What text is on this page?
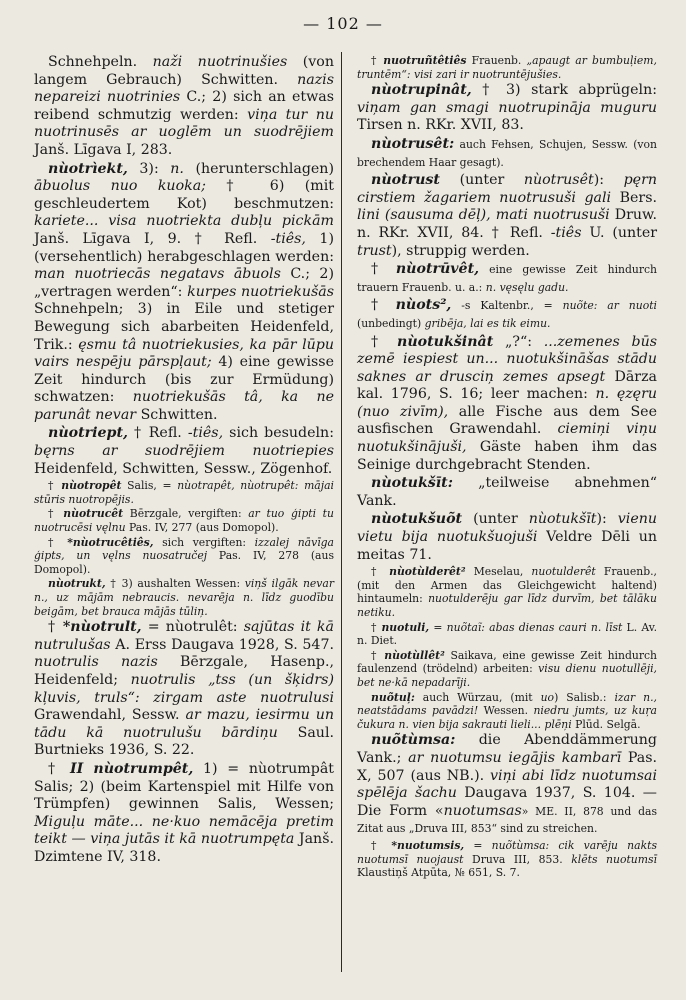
— 102 —

Schnehpeln. naži nuotrinušies (von langem Gebrauch) Schwitten. nazis nepareizi nuotrinies C.; 2) sich an etwas reibend schmutzig werden: viņa tur nu nuotrinusēs ar uoglēm un suodrējiem Janš. Līgava I, 283.

nùotrìekt, 3): n. (herunterschlagen) ābuolus nuo kuoka; † 6) (mit geschleudertem Kot) beschmutzen: kariete... visa nuotriekta dubļu pickām Janš. Līgava I, 9. † Refl. -tiês, 1) (versehentlich) herabgeschlagen werden: man nuotriecās negatavs ābuols C.; 2) „vertragen werden“: kurpes nuotriekušās Schnehpeln; 3) in Eile und stetiger Bewegung sich abarbeiten Heidenfeld, Trik.: ęsmu tâ nuotriekusies, ka pār lūpu vairs nespēju pārspļaut; 4) eine gewisse Zeit hindurch (bis zur Ermüdung) schwatzen: nuotriekušās tâ, ka ne parunât nevar Schwitten.

nùotriept, † Refl. -tiês, sich besudeln: bęrns ar suodrējiem nuotriepies Heidenfeld, Schwitten, Sessw., Zögenhof.

† nùotropêt Salis, = nùotrapêt, nùotrupêt: mājai stūris nuotropējis.

† nùotrucêt Bērzgale, vergiften: ar tuo ģipti tu nuotrucēsi vęlnu Pas. IV, 277 (aus Domopol).

† *nùotrucêtiês, sich vergiften: izzalej nāvīga ģipts, un vęlns nuosatručej Pas. IV, 278 (aus Domopol).

nùotrukt, † 3) aushalten Wessen: viņš ilgāk nevar n., uz mājām nebraucis. nevarēja n. līdz guodību beigām, bet brauca mājās tūliņ.

† *nùotrult, = nùotrulêt: sajūtas it kā nutrulušas A. Erss Daugava 1928, S. 547. nuotrulis nazis Bērzgale, Hasenp., Heidenfeld; nuotrulis „tss (un šķidrs) kļuvis, truls“: zirgam aste nuotrulusi Grawendahl, Sessw. ar mazu, iesirmu un tādu kā nuotrulušu bārdiņu Saul. Burtnieks 1936, S. 22.

† II nùotrumpêt, 1) = nùotrumpât Salis; 2) (beim Kartenspiel mit Hilfe von Trümpfen) gewinnen Salis, Wessen; Miguļu māte... ne·kuo nemācēja pretim teikt — viņa jutās it kā nuotrumpęta Janš. Dzimtene IV, 318.

† nuotruñtêtiês Frauenb. „apaugt ar bumbuļiem, truntēm“: visi zari ir nuotruntējušies.

nùotrupinât, † 3) stark abprügeln: viņam gan smagi nuotrupināja muguru Tirsen n. RKr. XVII, 83.

nùotrusêt: auch Fehsen, Schujen, Sessw. (von brechendem Haar gesagt).

nùotrust (unter nùotrusêt): pęrn cirstiem žagariem nuotrusuši gali Bers. lini (sausuma dēļ), mati nuotrusuši Druw. n. RKr. XVII, 84. † Refl. -tiês U. (unter trust), struppig werden.

† nùotrūvêt, eine gewisse Zeit hindurch trauern Frauenb. u. a.: n. vęsęlu gadu.

† nùots², -s Kaltenbr., = nuõte: ar nuoti (unbedingt) gribēja, lai es tik eimu.

† nùotukšinât „?“: ...zemenes būs zemē iespiest un... nuotukšināšas stādu saknes ar drusciņ zemes apsegt Dārza kal. 1796, S. 16; leer machen: n. ęzęru (nuo zivīm), alle Fische aus dem See ausfischen Grawendahl. ciemiņi viņu nuotukšinājuši, Gäste haben ihm das Seinige durchgebracht Stenden.

nùotukšīt: „teilweise abnehmen“ Vank.

nùotukšuõt (unter nùotukšīt): vienu vietu bija nuotukšuojuši Veldre Dēli un meitas 71.

† nùotùlderêt² Meselau, nuotulderêt Frauenb., (mit den Armen das Gleichgewicht haltend) hintaumeln: nuotulderēju gar līdz durvīm, bet tālāku netiku.

† nuotuli, = nuõtaĩ: abas dienas cauri n. līst L. Av. n. Diet.

† nùotùllêt² Saikava, eine gewisse Zeit hindurch faulenzend (trödelnd) arbeiten: visu dienu nuotullēji, bet ne·kā nepadarīji.

nuõtuļ: auch Würzau, (mit uo) Salisb.: izar n., neatstādams pavādzi! Wessen. niedru jumts, uz kuŗa čukura n. vien bija sakrauti lieli... plēņi Plūd. Selgā.

nuõtùmsa: die Abenddämmerung Vank.; ar nuotumsu iegājis kambarī Pas. X, 507 (aus NB.). viņi abi līdz nuotumsai spēlēja šachu Daugava 1937, S. 104. — Die Form «nuotumsas» ME. II, 878 und das Zitat aus „Druva III, 853“ sind zu streichen.

† *nuotumsis, = nuõtùmsa: cik varēju nakts nuotumsī nuojaust Druva III, 853. klēts nuotumsī Klaustiņš Atpūta, № 651, S. 7.
